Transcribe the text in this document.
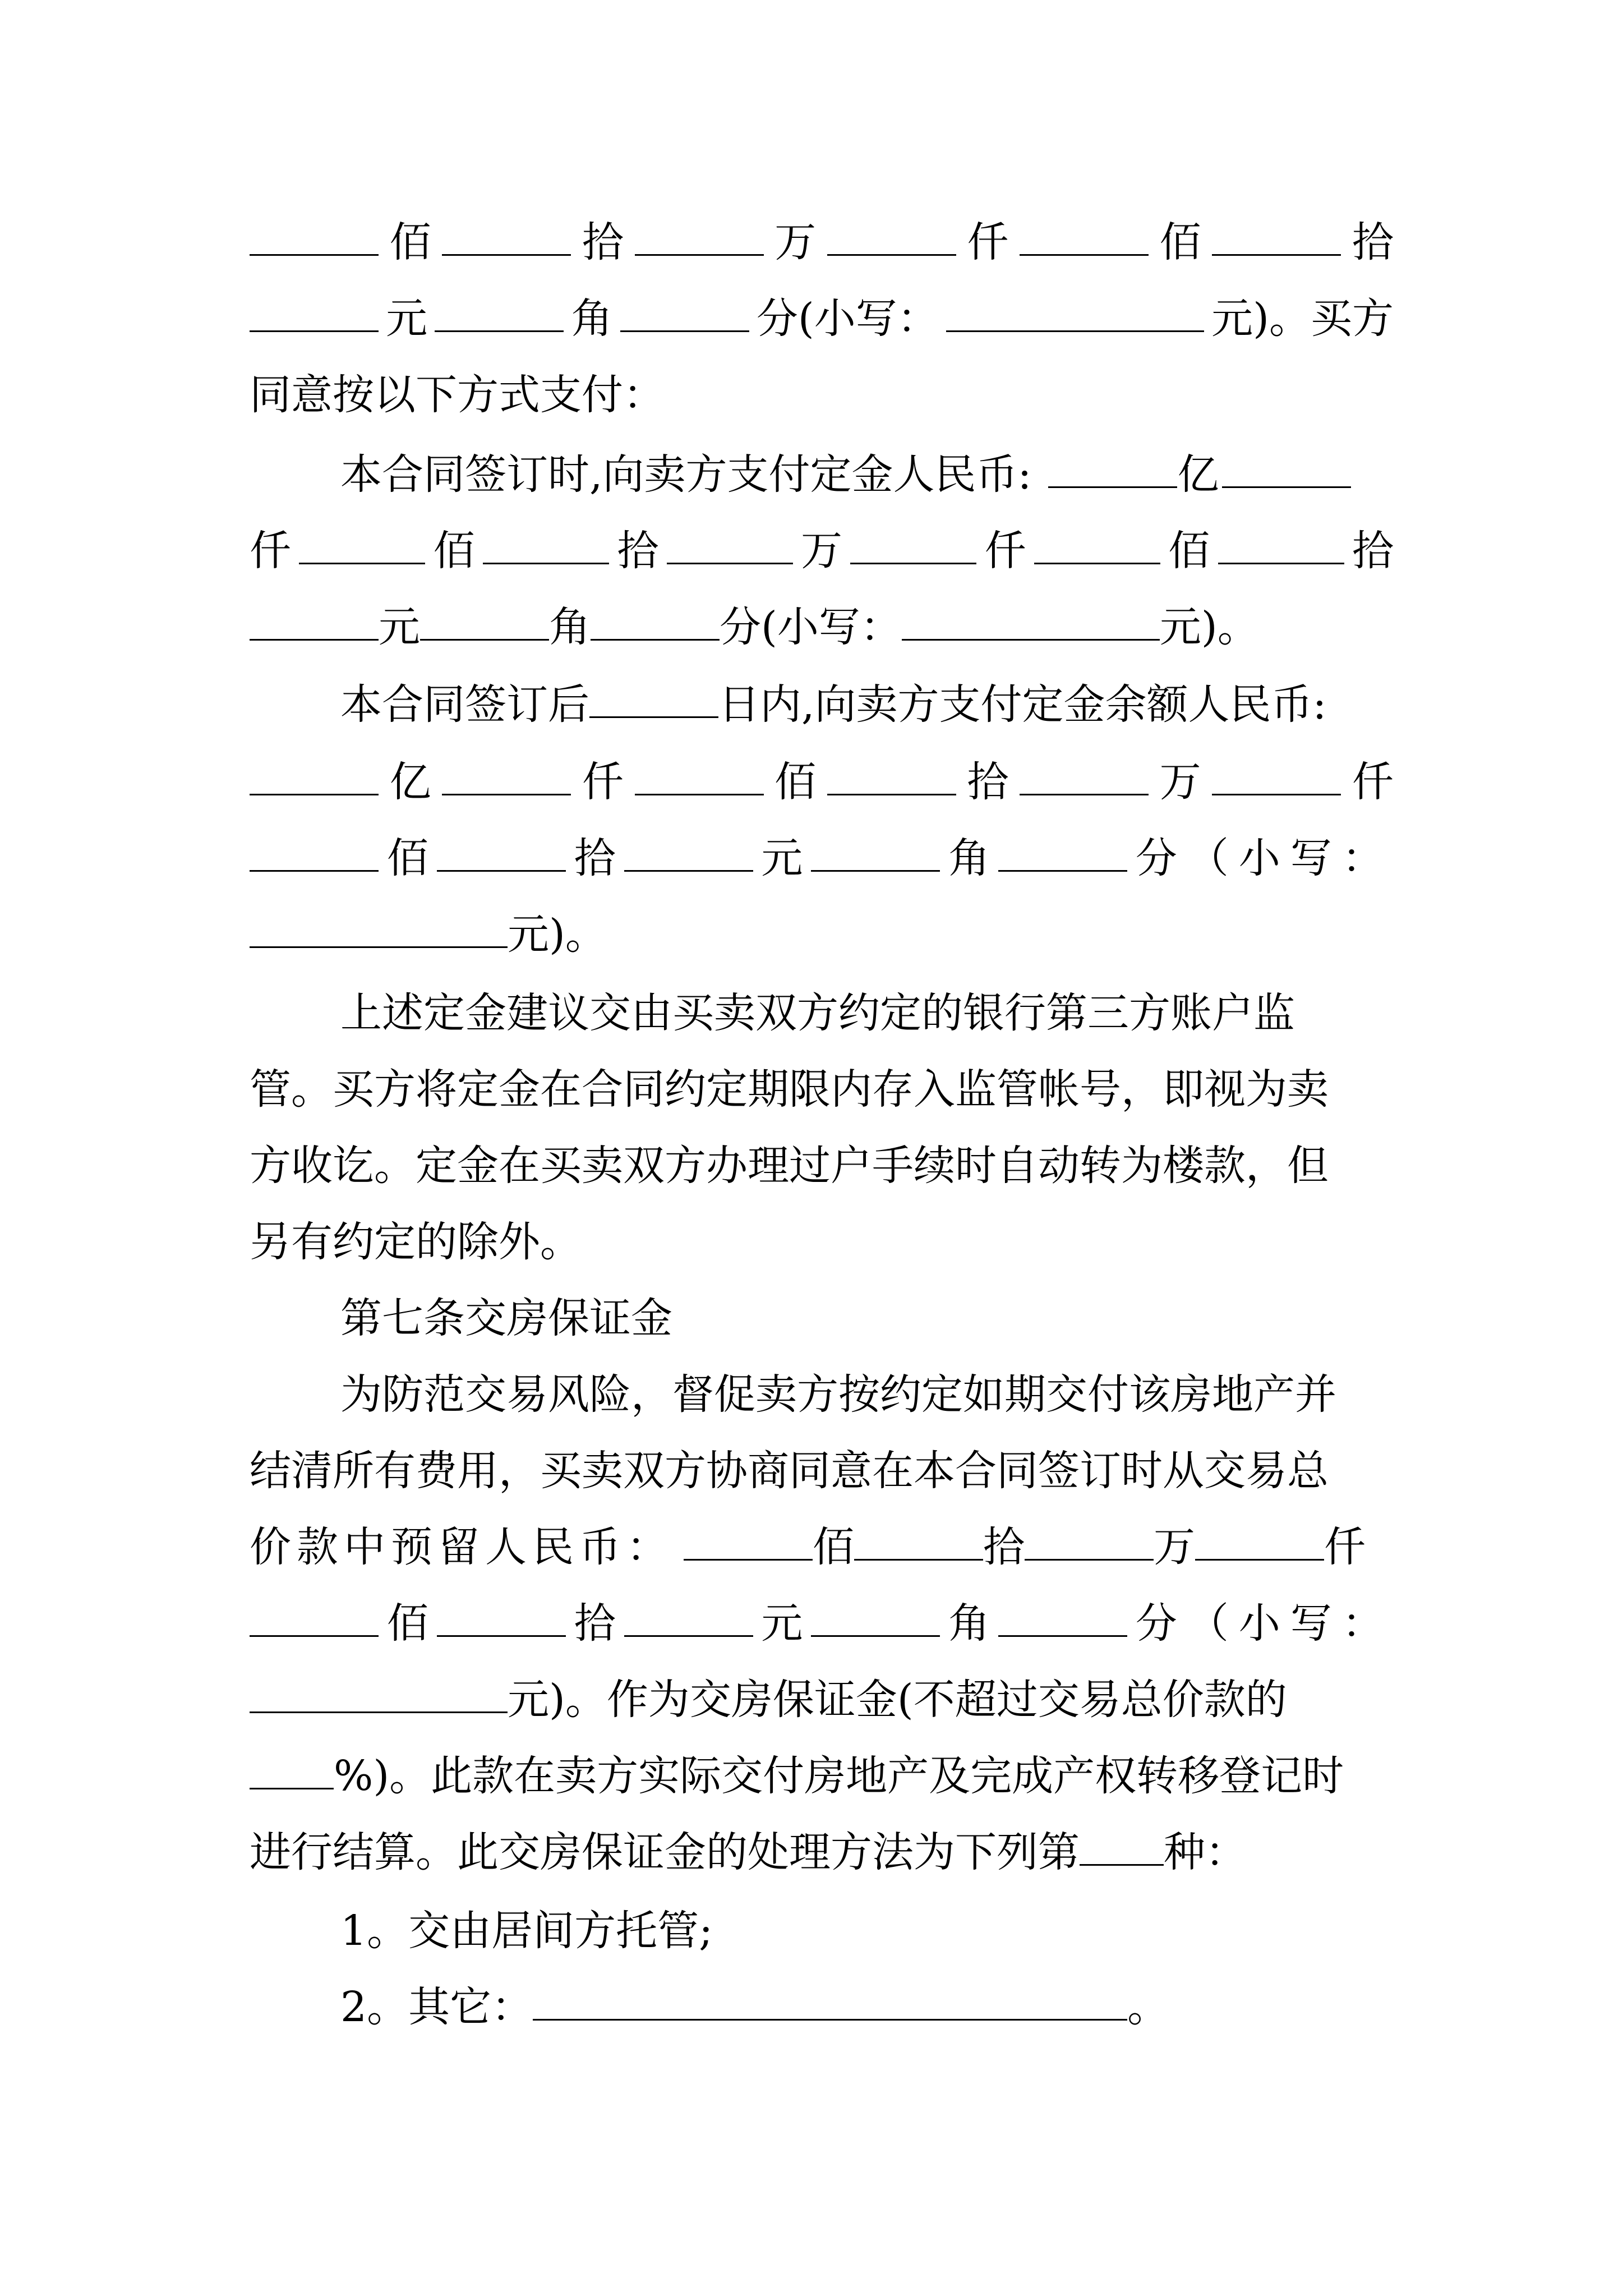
佰	拾	万	仟	佰	拾
元	角	分(小写：	元)。买方
同意按以下方式支付：
本合同签订时,向卖方支付定金人民币:	亿
仟	佰	拾	万	仟	佰	拾
元	角	分(小写：	元)。
本合同签订后	日内,向卖方支付定金余额人民币:
亿	仟	佰	拾	万	仟
佰	拾	元	角	分（小写：
元)。
上述定金建议交由买卖双方约定的银行第三方账户监
管。买方将定金在合同约定期限内存入监管帐号，即视为卖
方收讫。定金在买卖双方办理过户手续时自动转为楼款，但
另有约定的除外。
第七条交房保证金
为防范交易风险，督促卖方按约定如期交付该房地产并
结清所有费用，买卖双方协商同意在本合同签订时从交易总
价款中预留人民币：	佰	拾	万	仟
佰	拾	元	角	分（小写：
元)。作为交房保证金(不超过交易总价款的
%)。此款在卖方实际交付房地产及完成产权转移登记时
进行结算。此交房保证金的处理方法为下列第 种：
1。交由居间方托管;
2。其它：	。
